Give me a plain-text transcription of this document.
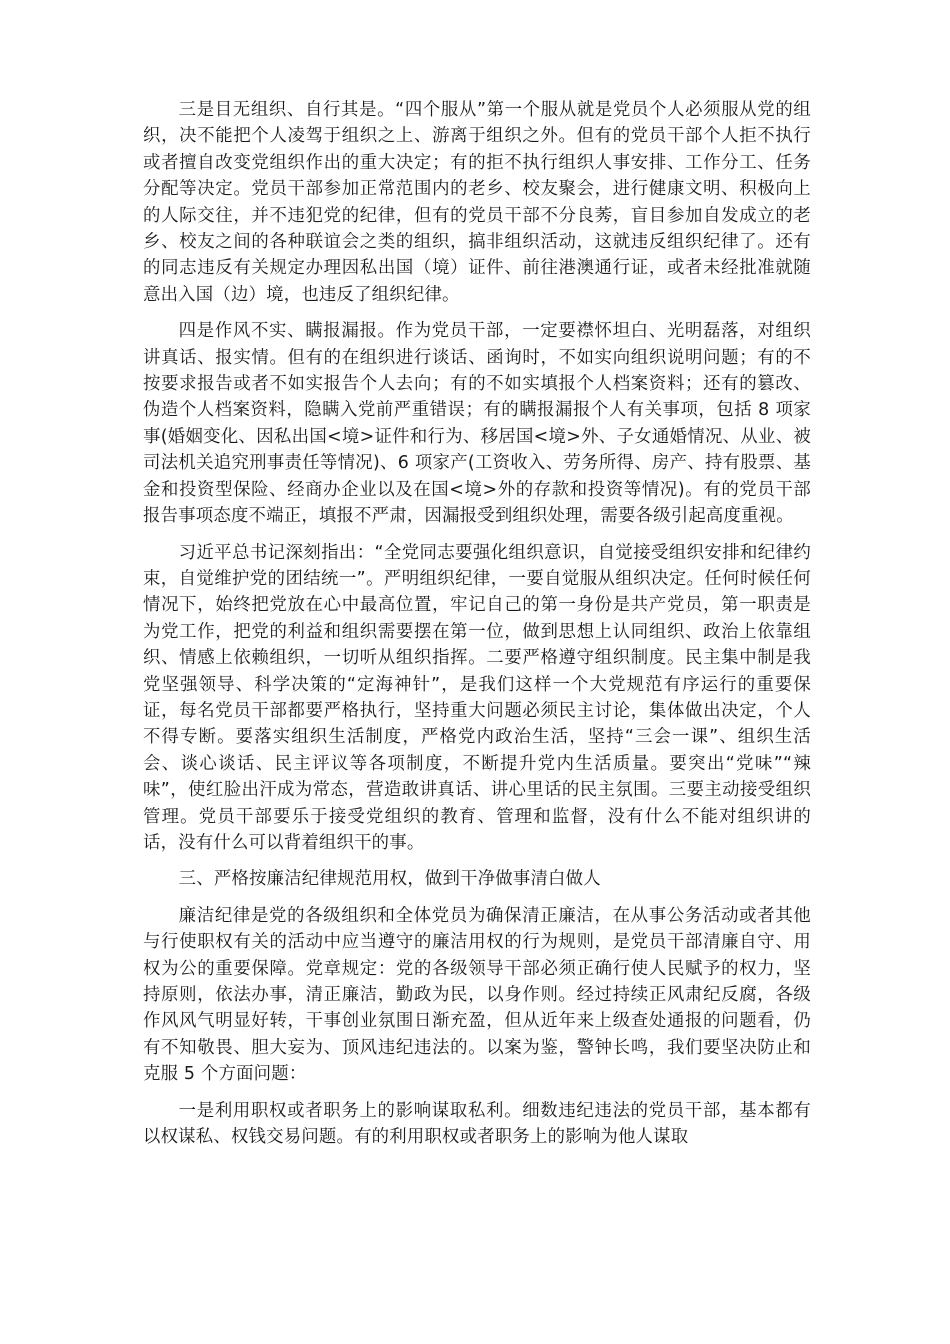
三是目无组织、自行其是。“四个服从”第一个服从就是党员个人必须服从党的组织，决不能把个人凌驾于组织之上、游离于组织之外。但有的党员干部个人拒不执行或者擅自改变党组织作出的重大决定；有的拒不执行组织人事安排、工作分工、任务分配等决定。党员干部参加正常范围内的老乡、校友聚会，进行健康文明、积极向上的人际交往，并不违犯党的纪律，但有的党员干部不分良莠，盲目参加自发成立的老乡、校友之间的各种联谊会之类的组织，搞非组织活动，这就违反组织纪律了。还有的同志违反有关规定办理因私出国（境）证件、前往港澳通行证，或者未经批准就随意出入国（边）境，也违反了组织纪律。

四是作风不实、瞒报漏报。作为党员干部，一定要襟怀坦白、光明磊落，对组织讲真话、报实情。但有的在组织进行谈话、函询时，不如实向组织说明问题；有的不按要求报告或者不如实报告个人去向；有的不如实填报个人档案资料；还有的篡改、伪造个人档案资料，隐瞒入党前严重错误；有的瞒报漏报个人有关事项，包括 8 项家事(婚姻变化、因私出国<境>证件和行为、移居国<境>外、子女通婚情况、从业、被司法机关追究刑事责任等情况)、6 项家产(工资收入、劳务所得、房产、持有股票、基金和投资型保险、经商办企业以及在国<境>外的存款和投资等情况)。有的党员干部报告事项态度不端正，填报不严肃，因漏报受到组织处理，需要各级引起高度重视。

习近平总书记深刻指出：“全党同志要强化组织意识，自觉接受组织安排和纪律约束，自觉维护党的团结统一”。严明组织纪律，一要自觉服从组织决定。任何时候任何情况下，始终把党放在心中最高位置，牢记自己的第一身份是共产党员，第一职责是为党工作，把党的利益和组织需要摆在第一位，做到思想上认同组织、政治上依靠组织、情感上依赖组织，一切听从组织指挥。二要严格遵守组织制度。民主集中制是我党坚强领导、科学决策的“定海神针”，是我们这样一个大党规范有序运行的重要保证，每名党员干部都要严格执行，坚持重大问题必须民主讨论，集体做出决定，个人不得专断。要落实组织生活制度，严格党内政治生活，坚持“三会一课”、组织生活会、谈心谈话、民主评议等各项制度，不断提升党内生活质量。要突出“党味”“辣味”，使红脸出汗成为常态，营造敢讲真话、讲心里话的民主氛围。三要主动接受组织管理。党员干部要乐于接受党组织的教育、管理和监督，没有什么不能对组织讲的话，没有什么可以背着组织干的事。

三、严格按廉洁纪律规范用权，做到干净做事清白做人

廉洁纪律是党的各级组织和全体党员为确保清正廉洁，在从事公务活动或者其他与行使职权有关的活动中应当遵守的廉洁用权的行为规则，是党员干部清廉自守、用权为公的重要保障。党章规定：党的各级领导干部必须正确行使人民赋予的权力，坚持原则，依法办事，清正廉洁，勤政为民，以身作则。经过持续正风肃纪反腐，各级作风风气明显好转，干事创业氛围日渐充盈，但从近年来上级查处通报的问题看，仍有不知敬畏、胆大妄为、顶风违纪违法的。以案为鉴，警钟长鸣，我们要坚决防止和克服 5 个方面问题：

一是利用职权或者职务上的影响谋取私利。细数违纪违法的党员干部，基本都有以权谋私、权钱交易问题。有的利用职权或者职务上的影响为他人谋取
